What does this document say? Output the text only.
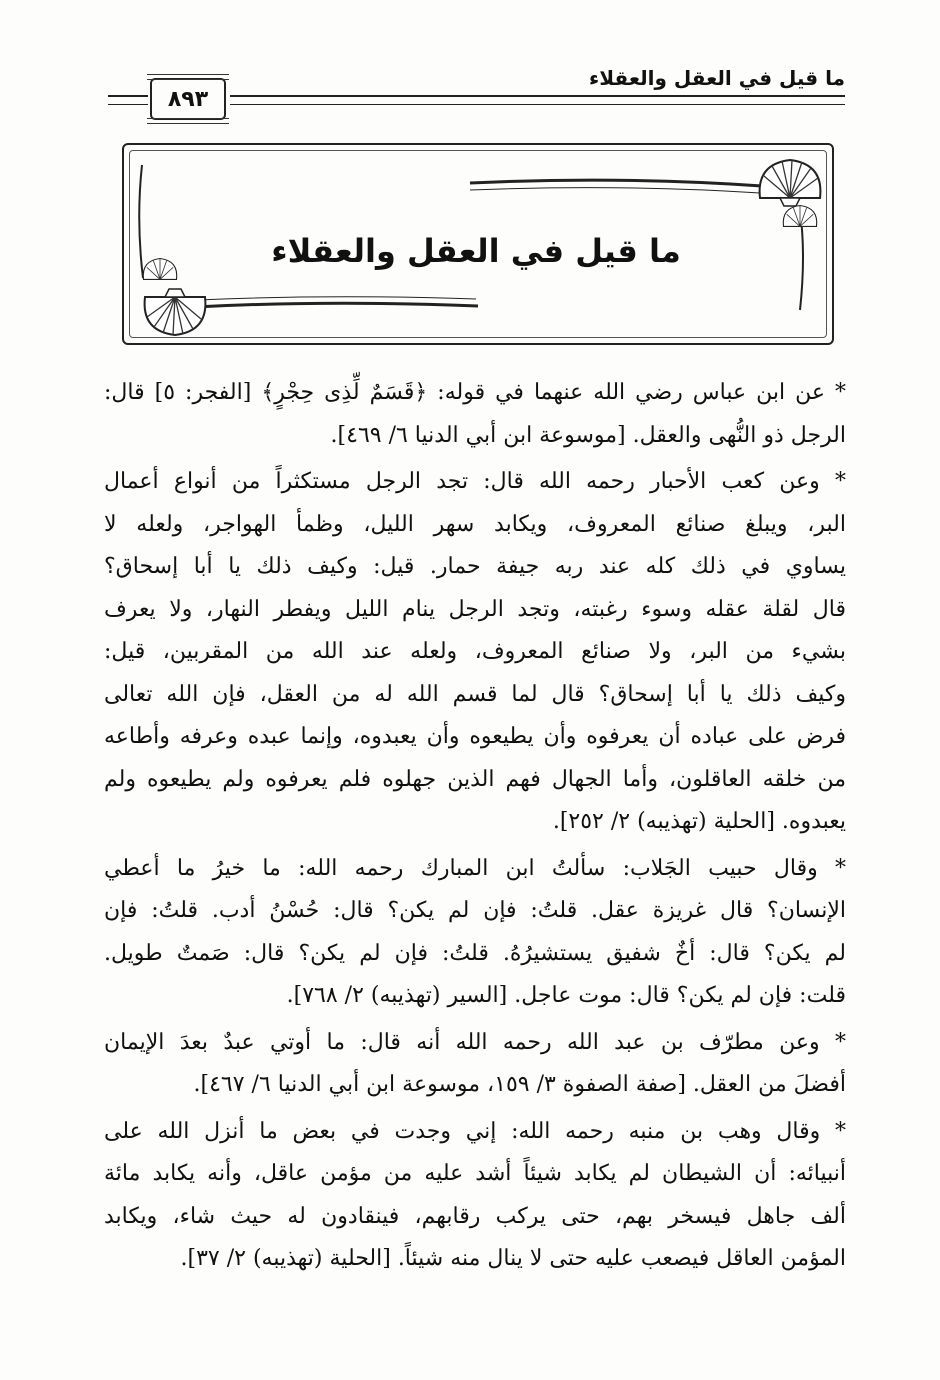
ما قيل في العقل والعقلاء
٨٩٣
ما قيل في العقل والعقلاء
* عن ابن عباس رضي الله عنهما في قوله: ﴿قَسَمٌ لِّذِى حِجْرٍ﴾ [الفجر: ٥] قال:
الرجل ذو النُّهى والعقل. [موسوعة ابن أبي الدنيا ٦/ ٤٦٩].
* وعن كعب الأحبار رحمه الله قال: تجد الرجل مستكثراً من أنواع أعمال
البر، ويبلغ صنائع المعروف، ويكابد سهر الليل، وظمأ الهواجر، ولعله لا
يساوي في ذلك كله عند ربه جيفة حمار. قيل: وكيف ذلك يا أبا إسحاق؟
قال لقلة عقله وسوء رغبته، وتجد الرجل ينام الليل ويفطر النهار، ولا يعرف
بشيء من البر، ولا صنائع المعروف، ولعله عند الله من المقربين، قيل:
وكيف ذلك يا أبا إسحاق؟ قال لما قسم الله له من العقل، فإن الله تعالى
فرض على عباده أن يعرفوه وأن يطيعوه وأن يعبدوه، وإنما عبده وعرفه وأطاعه
من خلقه العاقلون، وأما الجهال فهم الذين جهلوه فلم يعرفوه ولم يطيعوه ولم
يعبدوه. [الحلية (تهذيبه) ٢/ ٢٥٢].
* وقال حبيب الجَلاب: سألتُ ابن المبارك رحمه الله: ما خيرُ ما أعطي
الإنسان؟ قال غريزة عقل. قلتُ: فإن لم يكن؟ قال: حُسْنُ أدب. قلتُ: فإن
لم يكن؟ قال: أخٌ شفيق يستشيرُهُ. قلتُ: فإن لم يكن؟ قال: صَمتٌ طويل.
قلت: فإن لم يكن؟ قال: موت عاجل. [السير (تهذيبه) ٢/ ٧٦٨].
* وعن مطرّف بن عبد الله رحمه الله أنه قال: ما أوتي عبدٌ بعدَ الإيمان
أفضلَ من العقل. [صفة الصفوة ٣/ ١٥٩، موسوعة ابن أبي الدنيا ٦/ ٤٦٧].
* وقال وهب بن منبه رحمه الله: إني وجدت في بعض ما أنزل الله على
أنبيائه: أن الشيطان لم يكابد شيئاً أشد عليه من مؤمن عاقل، وأنه يكابد مائة
ألف جاهل فيسخر بهم، حتى يركب رقابهم، فينقادون له حيث شاء، ويكابد
المؤمن العاقل فيصعب عليه حتى لا ينال منه شيئاً. [الحلية (تهذيبه) ٢/ ٣٧].
